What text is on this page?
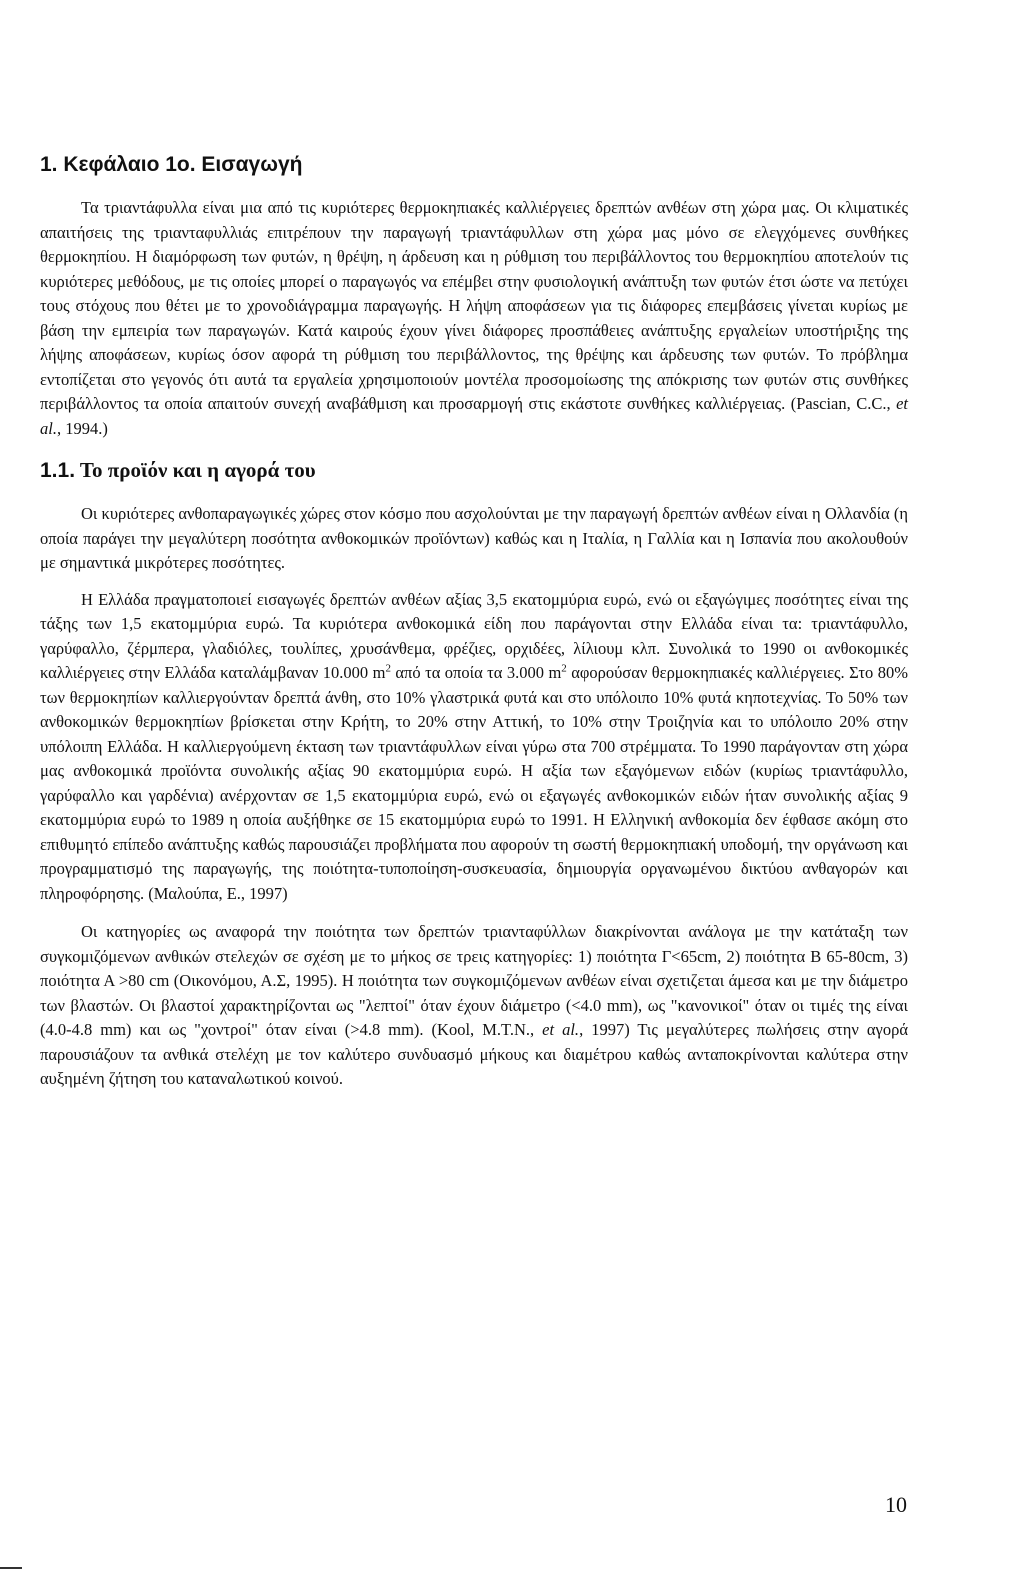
1. Κεφάλαιο 1ο. Εισαγωγή

Τα τριαντάφυλλα είναι μια από τις κυριότερες θερμοκηπιακές καλλιέργειες δρεπτών ανθέων στη χώρα μας. Οι κλιματικές απαιτήσεις της τριανταφυλλιάς επιτρέπουν την παραγωγή τριαντάφυλλων στη χώρα μας μόνο σε ελεγχόμενες συνθήκες θερμοκηπίου. Η διαμόρφωση των φυτών, η θρέψη, η άρδευση και η ρύθμιση του περιβάλλοντος του θερμοκηπίου αποτελούν τις κυριότερες μεθόδους, με τις οποίες μπορεί ο παραγωγός να επέμβει στην φυσιολογική ανάπτυξη των φυτών έτσι ώστε να πετύχει τους στόχους που θέτει με το χρονοδιάγραμμα παραγωγής. Η λήψη αποφάσεων για τις διάφορες επεμβάσεις γίνεται κυρίως με βάση την εμπειρία των παραγωγών. Κατά καιρούς έχουν γίνει διάφορες προσπάθειες ανάπτυξης εργαλείων υποστήριξης της λήψης αποφάσεων, κυρίως όσον αφορά τη ρύθμιση του περιβάλλοντος, της θρέψης και άρδευσης των φυτών. Το πρόβλημα εντοπίζεται στο γεγονός ότι αυτά τα εργαλεία χρησιμοποιούν μοντέλα προσομοίωσης της απόκρισης των φυτών στις συνθήκες περιβάλλοντος τα οποία απαιτούν συνεχή αναβάθμιση και προσαρμογή στις εκάστοτε συνθήκες καλλιέργειας. (Pascian, C.C., et al., 1994.)

1.1. Το προϊόν και η αγορά του

Οι κυριότερες ανθοπαραγωγικές χώρες στον κόσμο που ασχολούνται με την παραγωγή δρεπτών ανθέων είναι η Ολλανδία (η οποία παράγει την μεγαλύτερη ποσότητα ανθοκομικών προϊόντων) καθώς και η Ιταλία, η Γαλλία και η Ισπανία που ακολουθούν με σημαντικά μικρότερες ποσότητες.

Η Ελλάδα πραγματοποιεί εισαγωγές δρεπτών ανθέων αξίας 3,5 εκατομμύρια ευρώ, ενώ οι εξαγώγιμες ποσότητες είναι της τάξης των 1,5 εκατομμύρια ευρώ. Τα κυριότερα ανθοκομικά είδη που παράγονται στην Ελλάδα είναι τα: τριαντάφυλλο, γαρύφαλλο, ζέρμπερα, γλαδιόλες, τουλίπες, χρυσάνθεμα, φρέζιες, ορχιδέες, λίλιουμ κλπ. Συνολικά το 1990 οι ανθοκομικές καλλιέργειες στην Ελλάδα καταλάμβαναν 10.000 $m^2$ από τα οποία τα 3.000 $m^2$ αφορούσαν θερμοκηπιακές καλλιέργειες. Στο 80% των θερμοκηπίων καλλιεργούνταν δρεπτά άνθη, στο 10% γλαστρικά φυτά και στο υπόλοιπο 10% φυτά κηποτεχνίας. Το 50% των ανθοκομικών θερμοκηπίων βρίσκεται στην Κρήτη, το 20% στην Αττική, το 10% στην Τροιζηνία και το υπόλοιπο 20% στην υπόλοιπη Ελλάδα. Η καλλιεργούμενη έκταση των τριαντάφυλλων είναι γύρω στα 700 στρέμματα. Το 1990 παράγονταν στη χώρα μας ανθοκομικά προϊόντα συνολικής αξίας 90 εκατομμύρια ευρώ. Η αξία των εξαγόμενων ειδών (κυρίως τριαντάφυλλο, γαρύφαλλο και γαρδένια) ανέρχονταν σε 1,5 εκατομμύρια ευρώ, ενώ οι εξαγωγές ανθοκομικών ειδών ήταν συνολικής αξίας 9 εκατομμύρια ευρώ το 1989 η οποία αυξήθηκε σε 15 εκατομμύρια ευρώ το 1991. Η Ελληνική ανθοκομία δεν έφθασε ακόμη στο επιθυμητό επίπεδο ανάπτυξης καθώς παρουσιάζει προβλήματα που αφορούν τη σωστή θερμοκηπιακή υποδομή, την οργάνωση και προγραμματισμό της παραγωγής, της ποιότητα-τυποποίηση-συσκευασία, δημιουργία οργανωμένου δικτύου ανθαγορών και πληροφόρησης. (Μαλούπα, Ε., 1997)

Οι κατηγορίες ως αναφορά την ποιότητα των δρεπτών τριανταφύλλων διακρίνονται ανάλογα με την κατάταξη των συγκομιζόμενων ανθικών στελεχών σε σχέση με το μήκος σε τρεις κατηγορίες: 1) ποιότητα Γ<65cm, 2) ποιότητα Β 65-80cm, 3) ποιότητα Α >80 cm (Οικονόμου, Α.Σ, 1995). Η ποιότητα των συγκομιζόμενων ανθέων είναι σχετιζεται άμεσα και με την διάμετρο των βλαστών. Οι βλαστοί χαρακτηρίζονται ως "λεπτοί" όταν έχουν διάμετρο (<4.0 mm), ως "κανονικοί" όταν οι τιμές της είναι (4.0-4.8 mm) και ως "χοντροί" όταν είναι (>4.8 mm). (Kool, M.T.N., et al., 1997) Τις μεγαλύτερες πωλήσεις στην αγορά παρουσιάζουν τα ανθικά στελέχη με τον καλύτερο συνδυασμό μήκους και διαμέτρου καθώς ανταποκρίνονται καλύτερα στην αυξημένη ζήτηση του καταναλωτικού κοινού.

10
